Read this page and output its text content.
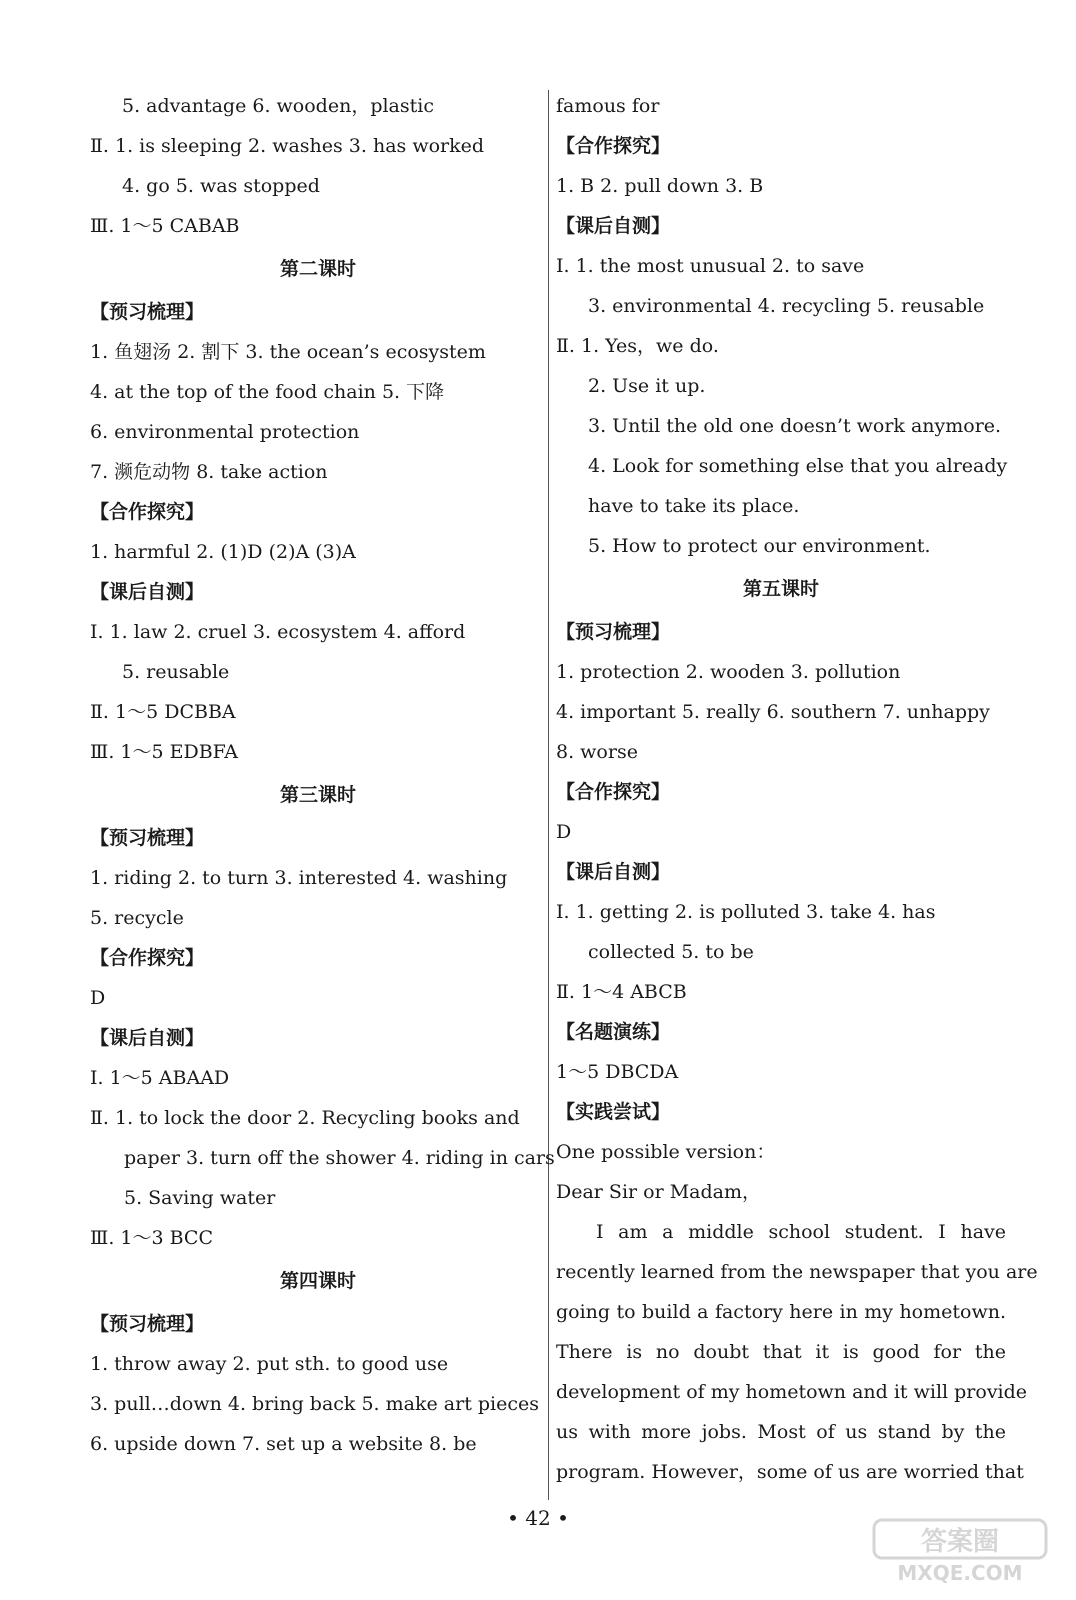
5. advantage 6. wooden，plastic
Ⅱ. 1. is sleeping 2. washes 3. has worked
4. go 5. was stopped
Ⅲ. 1～5 CABAB
第二课时
【预习梳理】
1. 鱼翅汤 2. 割下 3. the ocean’s ecosystem
4. at the top of the food chain 5. 下降
6. environmental protection
7. 濒危动物 8. take action
【合作探究】
1. harmful 2. (1)D (2)A (3)A
【课后自测】
Ⅰ. 1. law 2. cruel 3. ecosystem 4. afford
5. reusable
Ⅱ. 1～5 DCBBA
Ⅲ. 1～5 EDBFA
第三课时
【预习梳理】
1. riding 2. to turn 3. interested 4. washing
5. recycle
【合作探究】
D
【课后自测】
Ⅰ. 1～5 ABAAD
Ⅱ. 1. to lock the door 2. Recycling books and
paper 3. turn off the shower 4. riding in cars
5. Saving water
Ⅲ. 1～3 BCC
第四课时
【预习梳理】
1. throw away 2. put sth. to good use
3. pull…down 4. bring back 5. make art pieces
6. upside down 7. set up a website 8. be
famous for
【合作探究】
1. B 2. pull down 3. B
【课后自测】
Ⅰ. 1. the most unusual 2. to save
3. environmental 4. recycling 5. reusable
Ⅱ. 1. Yes，we do.
2. Use it up.
3. Until the old one doesn’t work anymore.
4. Look for something else that you already
have to take its place.
5. How to protect our environment.
第五课时
【预习梳理】
1. protection 2. wooden 3. pollution
4. important 5. really 6. southern 7. unhappy
8. worse
【合作探究】
D
【课后自测】
Ⅰ. 1. getting 2. is polluted 3. take 4. has
collected 5. to be
Ⅱ. 1～4 ABCB
【名题演练】
1～5 DBCDA
【实践尝试】
One possible version：
Dear Sir or Madam，
I am a middle school student. I have
recently learned from the newspaper that you are
going to build a factory here in my hometown.
There is no doubt that it is good for the
development of my hometown and it will provide
us with more jobs. Most of us stand by the
program. However，some of us are worried that
• 42 •
答案圈
MXQE.COM
